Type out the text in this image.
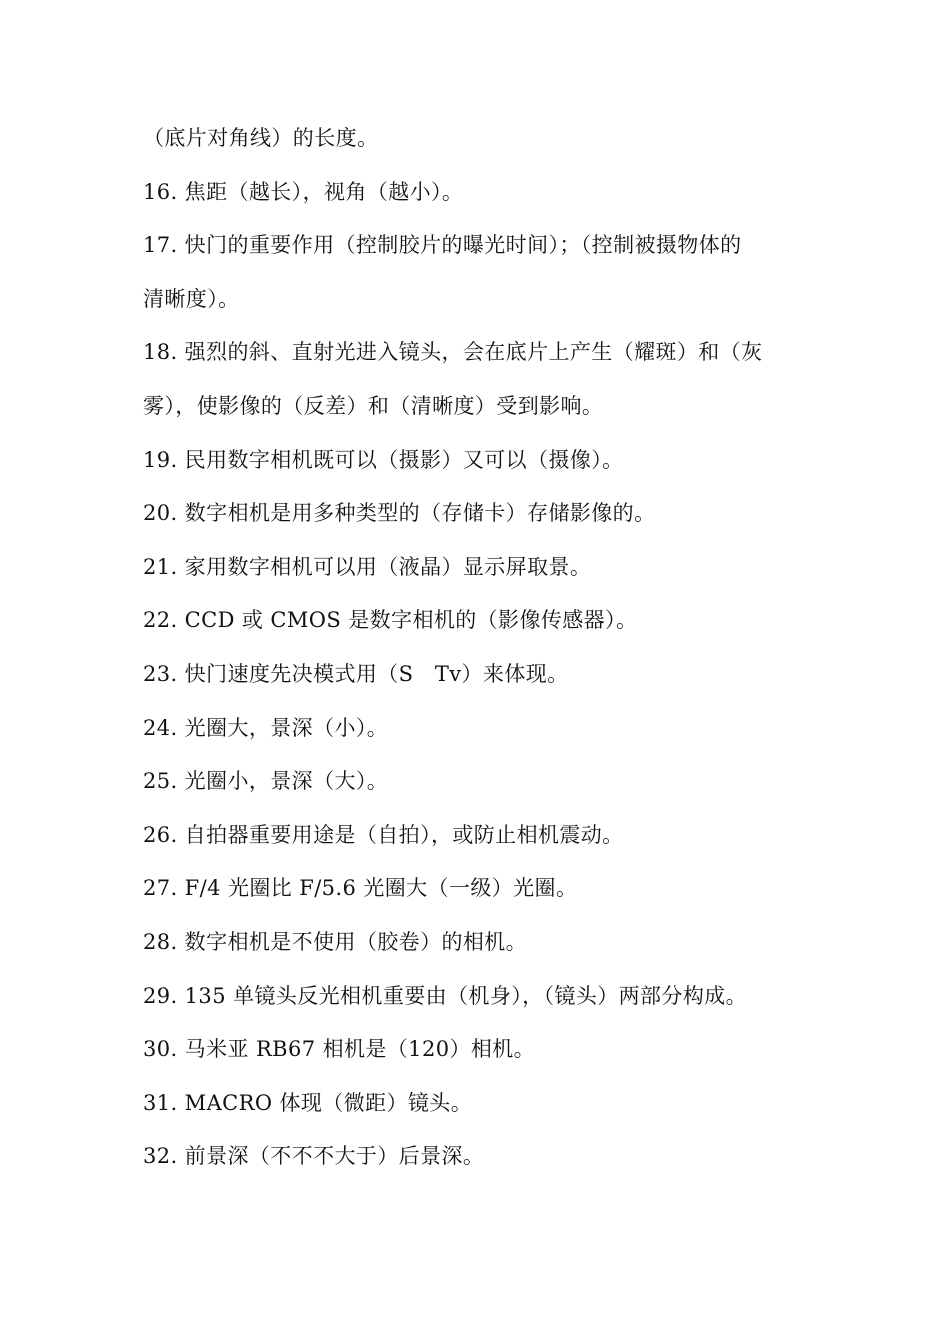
（底片对角线）的长度。
16. 焦距（越长），视角（越小）。
17. 快门的重要作用（控制胶片的曝光时间）；（控制被摄物体的
清晰度）。
18. 强烈的斜、直射光进入镜头，会在底片上产生（耀斑）和（灰
雾），使影像的（反差）和（清晰度）受到影响。
19. 民用数字相机既可以（摄影）又可以（摄像）。
20. 数字相机是用多种类型的（存储卡）存储影像的。
21. 家用数字相机可以用（液晶）显示屏取景。
22. CCD 或 CMOS 是数字相机的（影像传感器）。
23. 快门速度先决模式用（S　Tv）来体现。
24. 光圈大，景深（小）。
25. 光圈小，景深（大）。
26. 自拍器重要用途是（自拍），或防止相机震动。
27. F/4 光圈比 F/5.6 光圈大（一级）光圈。
28. 数字相机是不使用（胶卷）的相机。
29. 135 单镜头反光相机重要由（机身），（镜头）两部分构成。
30. 马米亚 RB67 相机是（120）相机。
31. MACRO 体现（微距）镜头。
32. 前景深（不不不大于）后景深。
